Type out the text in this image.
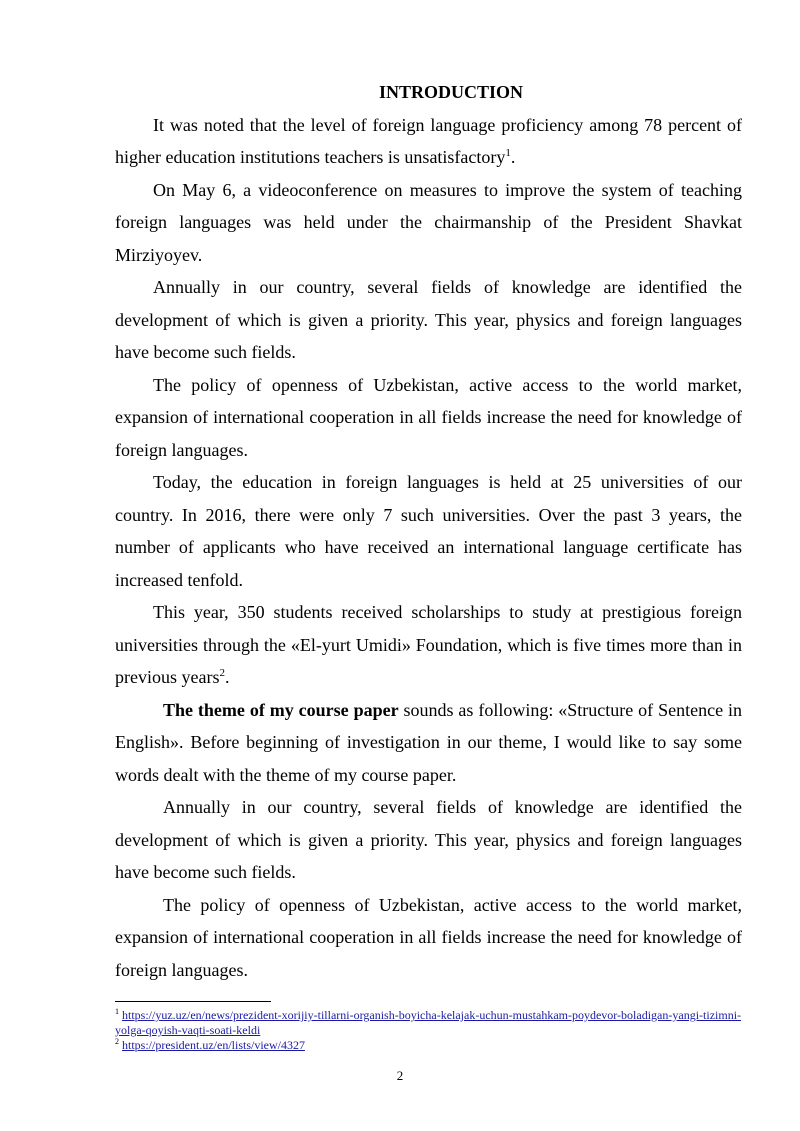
INTRODUCTION

It was noted that the level of foreign language proficiency among 78 percent of higher education institutions teachers is unsatisfactory$^1$.

On May 6, a videoconference on measures to improve the system of teaching foreign languages was held under the chairmanship of the President Shavkat Mirziyoyev.

Annually in our country, several fields of knowledge are identified the development of which is given a priority. This year, physics and foreign languages have become such fields.

The policy of openness of Uzbekistan, active access to the world market, expansion of international cooperation in all fields increase the need for knowledge of foreign languages.

Today, the education in foreign languages is held at 25 universities of our country. In 2016, there were only 7 such universities. Over the past 3 years, the number of applicants who have received an international language certificate has increased tenfold.

This year, 350 students received scholarships to study at prestigious foreign universities through the «El-yurt Umidi» Foundation, which is five times more than in previous years$^2$.

The theme of my course paper sounds as following: «Structure of Sentence in English». Before beginning of investigation in our theme, I would like to say some words dealt with the theme of my course paper.

Annually in our country, several fields of knowledge are identified the development of which is given a priority. This year, physics and foreign languages have become such fields.

The policy of openness of Uzbekistan, active access to the world market, expansion of international cooperation in all fields increase the need for knowledge of foreign languages.

$^1$ https://yuz.uz/en/news/prezident-xorijiy-tillarni-organish-boyicha-kelajak-uchun-mustahkam-poydevor-boladigan-yangi-tizimni-yolga-qoyish-vaqti-soati-keldi

$^2$ https://president.uz/en/lists/view/4327

2
